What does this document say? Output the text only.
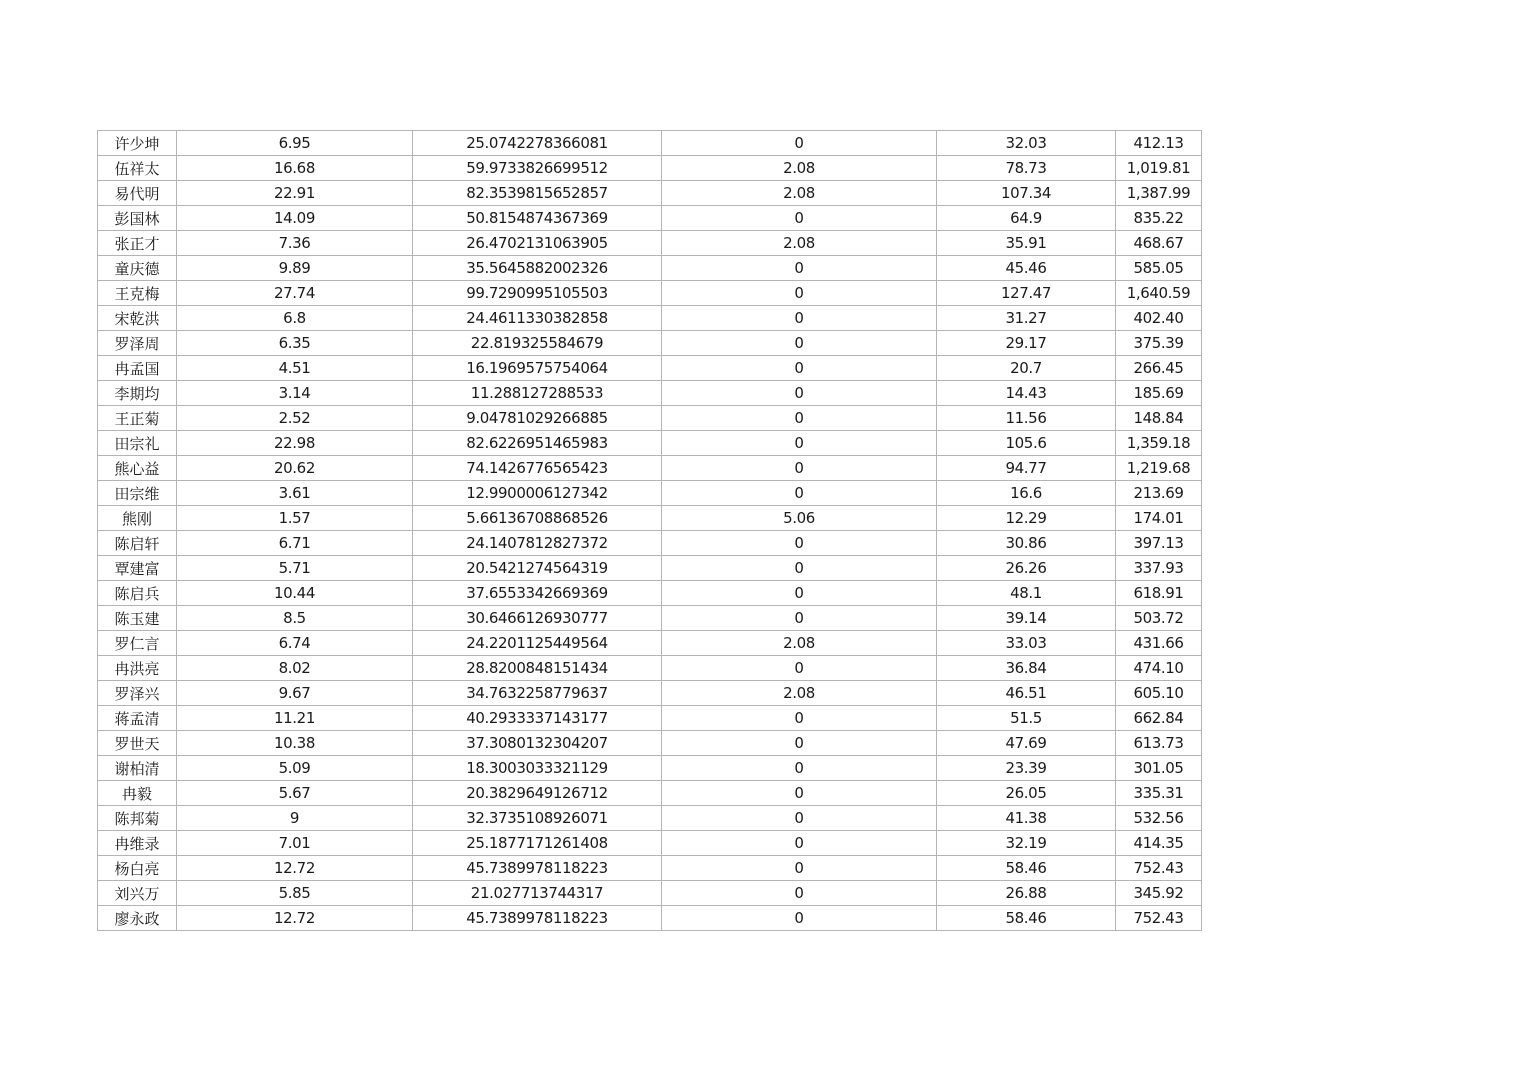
许少坤	6.95	25.0742278366081	0	32.03	412.13
伍祥太	16.68	59.9733826699512	2.08	78.73	1,019.81
易代明	22.91	82.3539815652857	2.08	107.34	1,387.99
彭国林	14.09	50.8154874367369	0	64.9	835.22
张正才	7.36	26.4702131063905	2.08	35.91	468.67
童庆德	9.89	35.5645882002326	0	45.46	585.05
王克梅	27.74	99.7290995105503	0	127.47	1,640.59
宋乾洪	6.8	24.4611330382858	0	31.27	402.40
罗泽周	6.35	22.819325584679	0	29.17	375.39
冉孟国	4.51	16.1969575754064	0	20.7	266.45
李期均	3.14	11.288127288533	0	14.43	185.69
王正菊	2.52	9.04781029266885	0	11.56	148.84
田宗礼	22.98	82.6226951465983	0	105.6	1,359.18
熊心益	20.62	74.1426776565423	0	94.77	1,219.68
田宗维	3.61	12.9900006127342	0	16.6	213.69
熊刚	1.57	5.66136708868526	5.06	12.29	174.01
陈启轩	6.71	24.1407812827372	0	30.86	397.13
覃建富	5.71	20.5421274564319	0	26.26	337.93
陈启兵	10.44	37.6553342669369	0	48.1	618.91
陈玉建	8.5	30.6466126930777	0	39.14	503.72
罗仁言	6.74	24.2201125449564	2.08	33.03	431.66
冉洪亮	8.02	28.8200848151434	0	36.84	474.10
罗泽兴	9.67	34.7632258779637	2.08	46.51	605.10
蒋孟清	11.21	40.2933337143177	0	51.5	662.84
罗世天	10.38	37.3080132304207	0	47.69	613.73
谢柏清	5.09	18.3003033321129	0	23.39	301.05
冉毅	5.67	20.3829649126712	0	26.05	335.31
陈邦菊	9	32.3735108926071	0	41.38	532.56
冉维录	7.01	25.1877171261408	0	32.19	414.35
杨白亮	12.72	45.7389978118223	0	58.46	752.43
刘兴万	5.85	21.027713744317	0	26.88	345.92
廖永政	12.72	45.7389978118223	0	58.46	752.43
